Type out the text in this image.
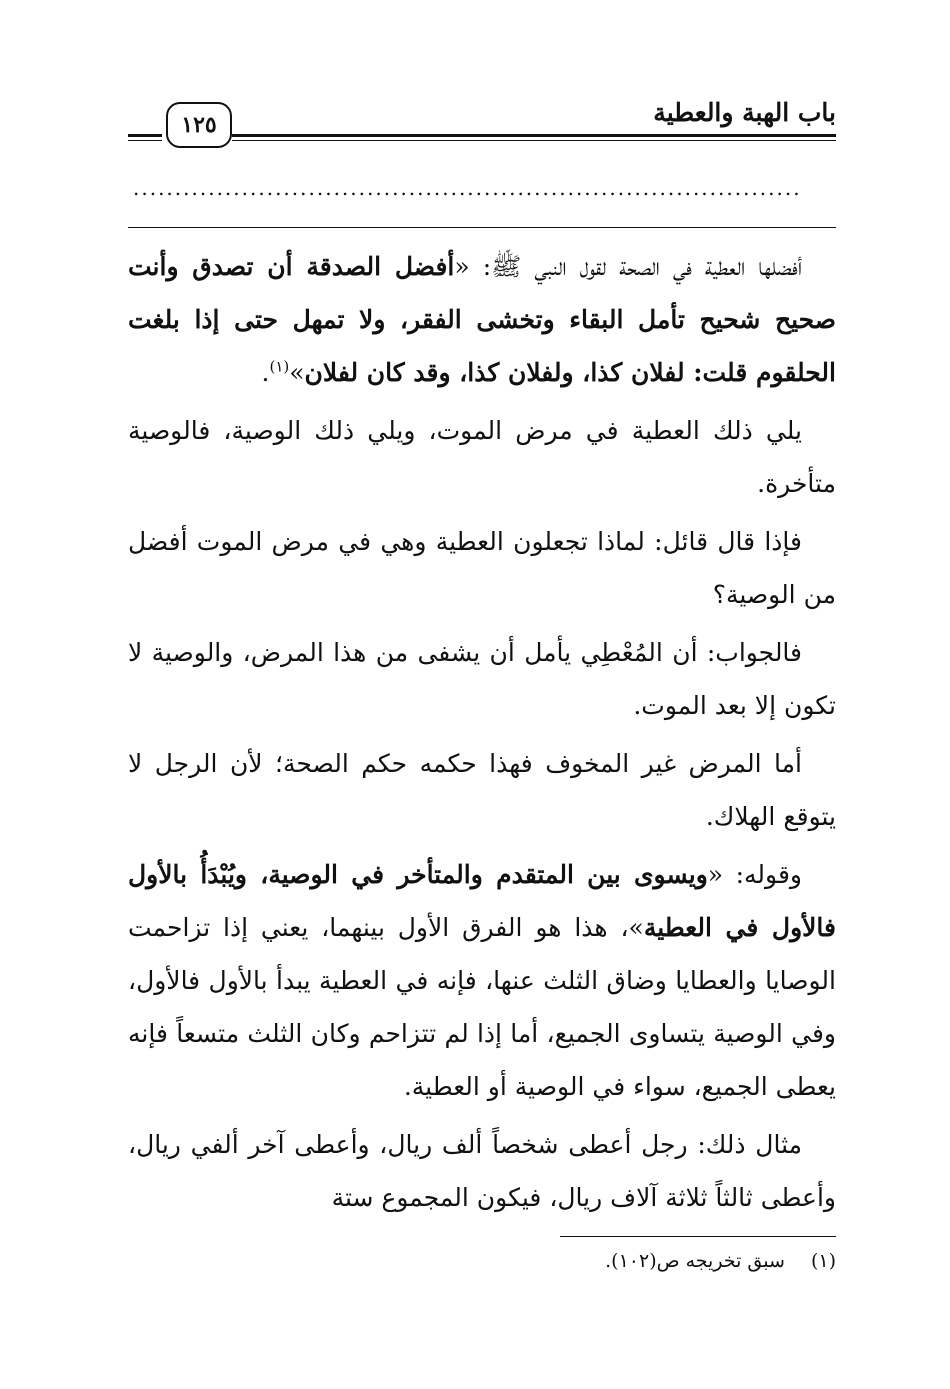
باب الهبة والعطية
١٢٥
................................................................................

أفضلها العطية في الصحة لقول النبي ﷺ: «أفضل الصدقة أن تصدق وأنت صحيح شحيح تأمل البقاء وتخشى الفقر، ولا تمهل حتى إذا بلغت الحلقوم قلت: لفلان كذا، ولفلان كذا، وقد كان لفلان»$^{(١)}$.

يلي ذلك العطية في مرض الموت، ويلي ذلك الوصية، فالوصية متأخرة.

فإذا قال قائل: لماذا تجعلون العطية وهي في مرض الموت أفضل من الوصية؟

فالجواب: أن المُعْطِي يأمل أن يشفى من هذا المرض، والوصية لا تكون إلا بعد الموت.

أما المرض غير المخوف فهذا حكمه حكم الصحة؛ لأن الرجل لا يتوقع الهلاك.

وقوله: «ويسوى بين المتقدم والمتأخر في الوصية، ويُبْدَأُ بالأول فالأول في العطية»، هذا هو الفرق الأول بينهما، يعني إذا تزاحمت الوصايا والعطايا وضاق الثلث عنها، فإنه في العطية يبدأ بالأول فالأول، وفي الوصية يتساوى الجميع، أما إذا لم تتزاحم وكان الثلث متسعاً فإنه يعطى الجميع، سواء في الوصية أو العطية.

مثال ذلك: رجل أعطى شخصاً ألف ريال، وأعطى آخر ألفي ريال، وأعطى ثالثاً ثلاثة آلاف ريال، فيكون المجموع ستة

(١)سبق تخريجه ص(١٠٢).
